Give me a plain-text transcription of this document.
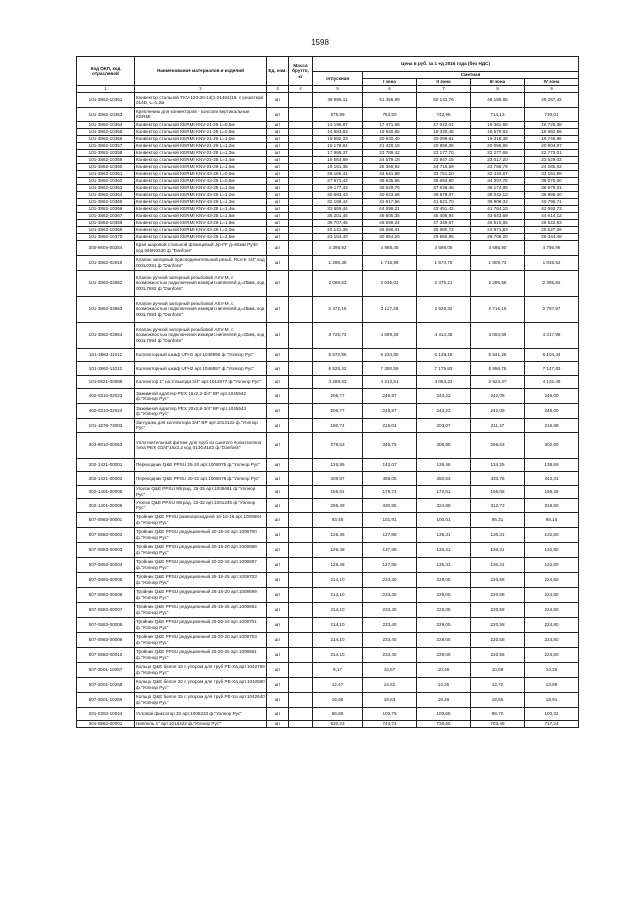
1598
Код ОКП, код отраслевой	Наименование материалов и изделий	Ед. изм.	Масса брутто, кг	Цена в руб. за 1 ед 2016 года (без НДС)				
				отпускная	Сметная			
					I зона	II зона	III зона	IV зона
1	2	3	4	5	6	7	8	9
101-3862-10351	Конвектор стальной TKV-120-20-14(1-01404)19, с решеткой 014D, L=1,2м	шт		38 885,11	51 456,89	50 132,76	48 185,86	49 257,42
101-3862-10353	Креплению для конвекторов - консоли вертикальные KERMI	шт		575,99	762,50	742,98	714,13	730,01
101-3862-10354	Конвектор стальной KERMI KNV-21-28 L=0,5м	шт		13 196,67	17 471,68	17 022,01	16 361,58	16 725,38
101-3862-10355	Конвектор стальной KERMI KNV-21-28 L=0,8м	шт		14 883,83	19 640,85	19 330,48	18 579,83	18 992,96
101-3862-10356	Конвектор стальной KERMI KNV-21-28 L=1,0м	шт		15 582,33	20 630,40	20 099,61	19 318,39	19 748,96
101-3862-10357	Конвектор стальной KERMI KNV-21-28 L=1,2м	шт		16 178,84	21 420,15	20 868,35	20 058,96	20 504,97
101-3862-10358	Конвектор стальной KERMI KNV-21-28 L=1,3м	шт		17 968,37	23 789,42	23 177,70	22 277,68	22 773,01
101-3862-10359	Конвектор стальной KERMI KNV-21-28 L=1,4м	шт		18 564,89	24 579,18	23 947,15	23 017,20	23 529,02
101-3862-10360	Конвектор стальной KERMI KNV-21-28 L=1,5м	шт		19 161,38	25 368,92	24 716,59	23 756,79	24 285,02
101-3862-10361	Конвектор стальной KERMI KNV-43-28 L=0,5м	шт		26 165,41	34 641,98	33 751,20	32 440,57	33 161,89
101-3862-10362	Конвектор стальной KERMI KNV-43-28 L=0,8м	шт		27 671,42	36 635,86	35 693,80	34 307,76	35 070,60
101-3862-10363	Конвектор стальной KERMI KNV-43-28 L=1,0м	шт		29 177,43	38 629,76	37 636,46	36 174,95	36 979,31
101-3862-10364	Конвектор стальной KERMI KNV-43-28 L=1,2м	шт		30 683,43	40 623,66	39 579,07	38 042,13	38 888,00
101-3862-10365	Конвектор стальной KERMI KNV-43-28 L=1,3м	шт		32 189,44	42 617,56	41 521,70	39 909,32	40 796,71
101-3862-10366	Конвектор стальной KERMI KNV-43-28 L=1,4м	шт		33 665,44	44 596,21	43 451,42	41 764,10	42 692,73
101-3862-10367	Конвектор стальной KERMI KNV-43-28 L=1,5м	шт		35 201,45	46 605,35	45 406,94	43 643,69	44 614,12
101-3862-10368	Конвектор стальной KERMI KNV-43-28 L=1,8м	шт		36 707,46	48 599,24	47 349,57	45 510,86	46 522,83
101-3862-10369	Конвектор стальной KERMI KNV-43-28 L=2,0м	шт		20 141,39	26 666,41	25 980,72	24 971,83	25 527,06
101-3862-10370	Конвектор стальной KERMI KNV-43-28 L=2,6м	шт		23 153,40	30 654,20	29 865,96	28 706,20	29 344,48
300-9604-00254	Кран шаровой стальной фланцевый Jip-FF д=65мм Ру40 код 065N0330 ф."Danfoss"	шт		4 398,92	4 968,45	4 698,06	4 686,90	4 766,96
101-3862-02915	Клапан запорный присоединительный резьб. RLV-K 3/4" код 003L0281 ф."Danfoss"	шт		1 296,35	1 716,96	1 674,76	1 609,73	1 645,52
101-3862-03562	Клапан ручной запорный резьбовой ASV-M, с возможностью подключения измерит.ниппелей д=20мм, код 003L7692 ф."Danfoss"	шт		2 069,63	2 636,01	2 475,21	2 295,68	2 365,82
101-3862-03563	Клапан ручной запорный резьбовой ASV-M, с возможностью подключения измерит.ниппелей д=25мм, код 003L7693 ф."Danfoss"	шт		2 472,16	3 117,38	2 928,32	2 716,16	2 797,97
101-3862-03564	Клапан ручной запорный резьбовой ASV-M, с возможностью подключения измерит.ниппелей д=32мм, код 003L7694 ф."Danfoss"	шт		3 725,73	4 699,28	4 414,35	4 094,56	4 217,98
101-3862-11011	Коллекторный шкаф UFH1 арт.1046996 ф."Уопнор Рус"	шт		5 572,89	6 234,80	6 128,18	5 941,25	6 104,44
101-3862-11012	Коллекторный шкаф UFH2 арт.1046997 ф."Уопнор Рус"	шт		6 525,42	7 300,59	7 175,83	6 956,76	7 147,83
101-0921-00089	Коллектор 1" на 2 выхода 3/4" арт.1012877 ф."Уопнор Рус"	шт		3 289,83	4 213,51	4 053,24	3 923,37	4 132,49
402-0310-02023	Зажимной адаптер PEX 16х2,2-3/4" ВР арт.1045542 ф."Уопнор Рус"	шт		206,77	246,97	243,22	242,09	245,00
402-0310-02024	Зажимной адаптер PEX 20х2,8-3/4" ВР арт.1045543 ф."Уопнор Рус"	шт		206,77	246,97	243,22	242,09	245,00
101-1876-73003	Заглушка для коллектора 3/4" ВР арт.1014122 ф."Уопнор Рус"	шт		180,74	215,04	203,07	211,47	215,88
303-8610-00053	Уплотнительный фитинг для труб из сшитого полиэтилена типа PEX G3/4"16х2,2 код 013G4163 ф."Danfoss"	шт		279,53	345,75	308,85	296,63	302,90
302-1421-00001	Переходник Q&E PPSU 25-20 арт.1008076 ф."Уопнор Рус"	шт		126,95	142,07	139,46	134,25	138,66
302-1421-00002	Переходник Q&E PPSU 40-32 арт.1008078 ф."Уопнор Рус"	шт		409,87	459,05	450,63	433,76	442,31
302-1401-00005	Уголок Q&E PPSU 90град. 25-25 арт.1008681 ф."Уопнор Рус"	шт		156,91	175,74	172,51	166,08	169,29
302-1401-00006	Уголок Q&E PPSU 90град. 32-32 арт.1001245 ф."Уопнор Рус"	шт		295,49	330,95	324,88	312,73	318,80
507-0883-00001	Тройник Q&E PPSU равнопроходной 16-16-16 арт.1008684 ф."Уопнор Рус"	шт		93,48	101,91	100,01	96,31	98,15
507-0883-00002	Тройник Q&E PPSU редукционный 20-16-16 арт.1008700 ф."Уопнор Рус"	шт		126,48	137,88	135,31	130,31	132,80
507-0883-00003	Тройник Q&E PPSU редукционный 20-16-20 арт.1008689 ф."Уопнор Рус"	шт		126,48	137,88	135,31	130,31	132,80
507-0883-00004	Тройник Q&E PPSU редукционный 20-20-16 арт.1008687 ф."Уопнор Рус"	шт		126,48	137,88	135,31	130,31	132,80
507-0883-00005	Тройник Q&E PPSU редукционный 25-16-25 арт.1008703 ф."Уопнор Рус"	шт		214,10	233,40	229,05	220,58	224,80
507-0883-00006	Тройник Q&E PPSU редукционный 25-16-20 арт.1008699 ф."Уопнор Рус"	шт		214,10	233,40	229,05	220,58	224,80
507-0883-00007	Тройник Q&E PPSU редукционный 25-16-25 арт.1008692 ф."Уопнор Рус"	шт		214,10	233,40	229,05	220,58	224,80
507-0883-00008	Тройник Q&E PPSU редукционный 25-20-16 арт.1008701 ф."Уопнор Рус"	шт		214,10	233,40	229,05	220,58	224,80
507-0883-00009	Тройник Q&E PPSU редукционный 25-20-20 арт.1008703 ф."Уопнор Рус"	шт		214,10	233,40	229,05	220,58	224,80
507-0883-00010	Тройник Q&E PPSU редукционный 25-20-25 арт.1008691 ф."Уопнор Рус"	шт		214,10	233,40	229,05	220,58	224,80
507-3001-10257	Кольцо Q&E белое 16 с упором для труб PE-Xa арт.1042789 ф."Уопнор Рус"	шт		9,17	10,57	10,48	10,09	10,26
507-3001-10258	Кольцо Q&E белое 20 с упором для труб PE-Xa арт.1042690 ф."Уопнор Рус"	шт		12,47	14,62	14,25	13,72	13,99
507-3001-10259	Кольцо Q&E белое 25 с упором для труб PE-Xa арт.1042640 ф."Уопнор Рус"	шт		16,95	19,63	19,26	18,55	18,91
201-0393-10044	Угловой фиксатор 20 арт.1008233 ф."Уопнор Рус"	шт		86,89	103,79	100,65	99,70	100,32
301-0962-00001	Ниппель 1" арт.1018322 ф."Уопнор Рус"	шт		630,23	744,74	736,65	703,49	717,24
